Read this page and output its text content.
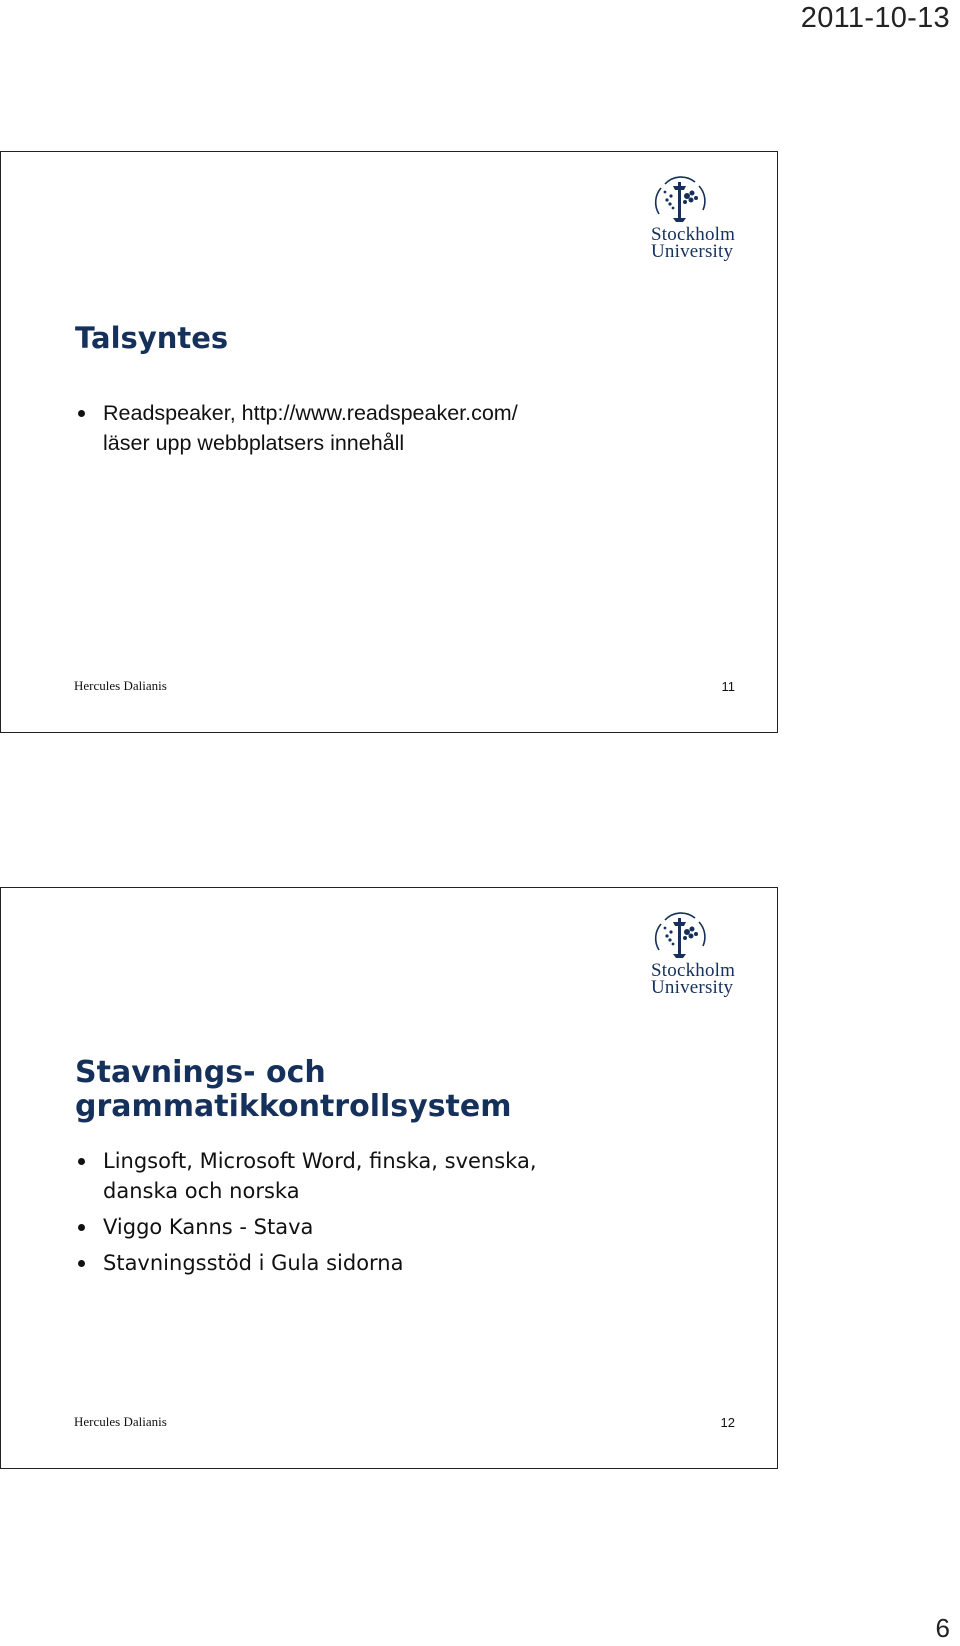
2011-10-13
Stockholm
University
Talsyntes
Readspeaker, http://www.readspeaker.com/
läser upp webbplatsers innehåll
Hercules Dalianis	11
Stockholm
University
Stavnings- och
grammatikkontrollsystem
Lingsoft, Microsoft Word, finska, svenska,
danska och norska
Viggo Kanns - Stava
Stavningsstöd i Gula sidorna
Hercules Dalianis	12
6
